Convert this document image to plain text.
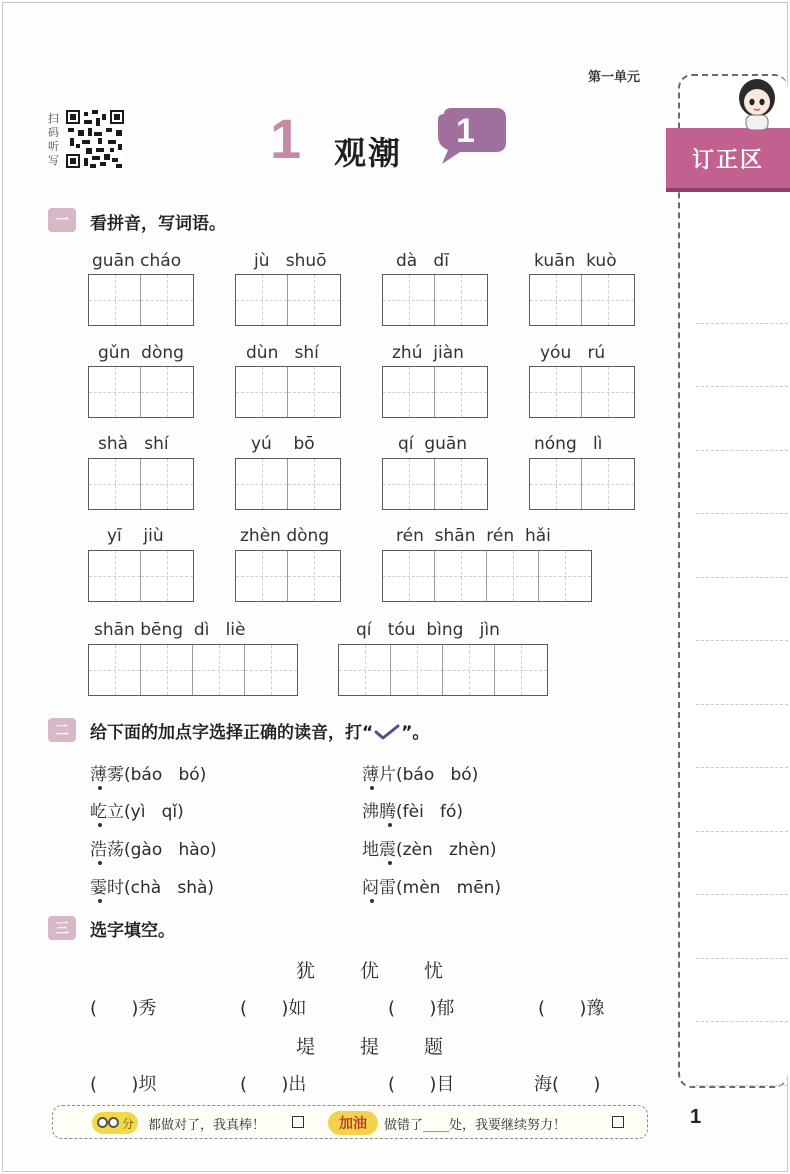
第一单元
扫码听写	1 观潮
1
订正区
一	看拼音，写词语。
guān cháo	jù   shuō	dà   dī	kuān  kuò
gǔn  dòng	dùn   shí	zhú  jiàn	yóu   rú
shà   shí	yú    bō	qí  guān	nóng   lì
yī    jiù	zhèn dòng	rén  shān  rén  hǎi
shān bēng  dì   liè	qí   tóu  bìng   jìn
二	给下面的加点字选择正确的读音，打“ ”。
薄雾(báo   bó)	薄片(báo   bó)
屹立(yì   qǐ)	沸腾(fèi   fó)
浩荡(gào   hào)	地震(zèn   zhèn)
霎时(chà   shà)	闷雷(mèn   mēn)
三	选字填空。
犹 优 忧
(      )秀	(      )如	(      )郁	(      )豫
堤 提 题
(      )坝	(      )出	(      )目	海(      )
分 都做对了，我真棒！	加油	做错了____处，我要继续努力！	1
